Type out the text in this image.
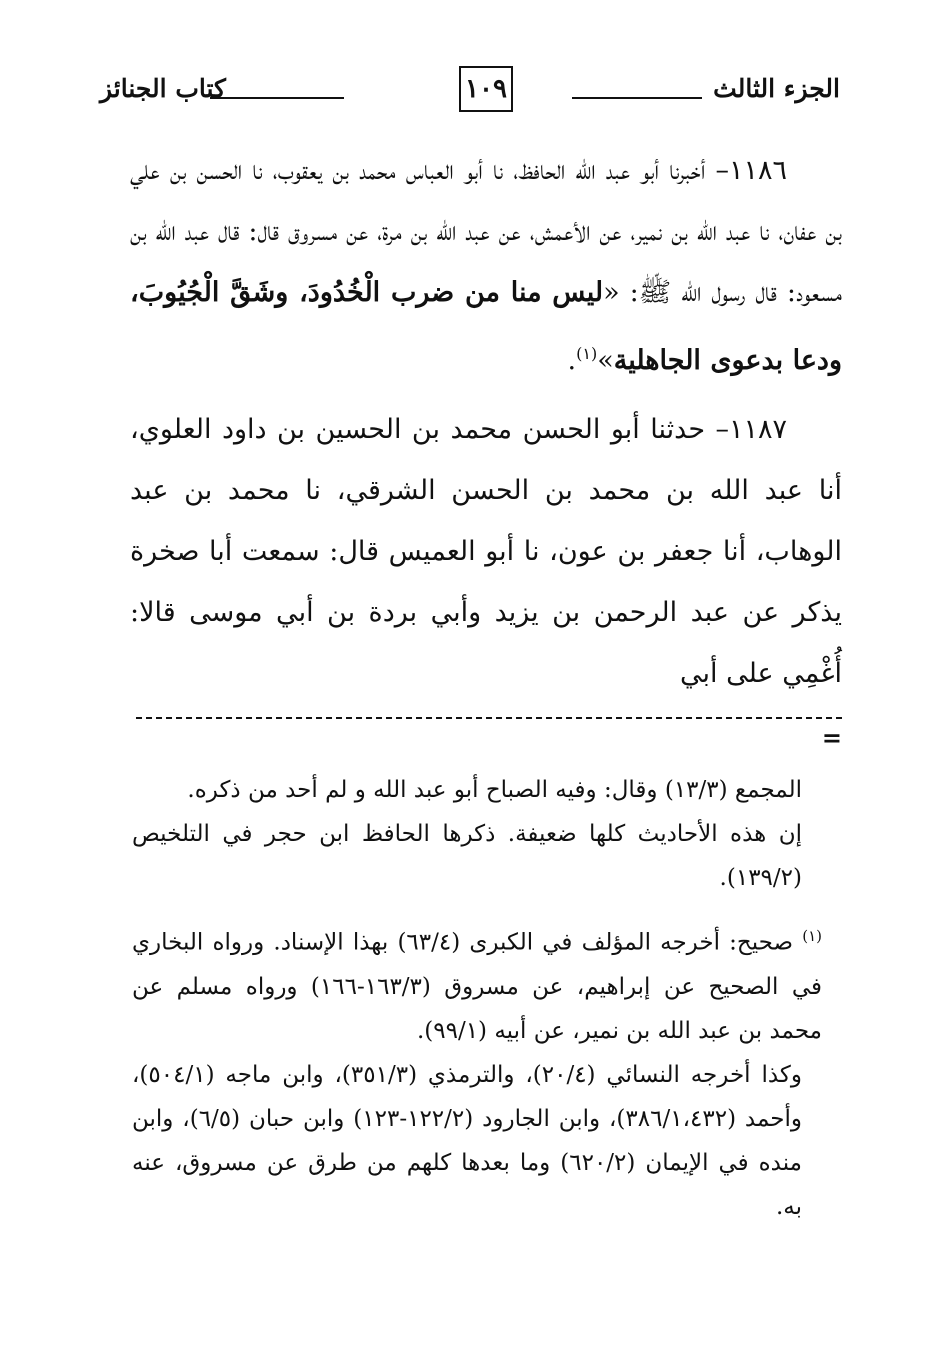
الجزء الثالث
١٠٩
كتاب الجنائز

١١٨٦– أخبرنا أبو عبد الله الحافظ، نا أبو العباس محمد بن يعقوب، نا الحسن بن علي بن عفان، نا عبد الله بن نمير، عن الأعمش، عن عبد الله بن مرة، عن مسروق قال: قال عبد الله بن مسعود: قال رسول الله ﷺ: «ليس منا من ضرب الْخُدُودَ، وشَقَّ الْجُيُوبَ، ودعا بدعوى الجاهلية»$^{(١)}$.

١١٨٧– حدثنا أبو الحسن محمد بن الحسين بن داود العلوي، أنا عبد الله بن محمد بن الحسن الشرقي، نا محمد بن عبد الوهاب، أنا جعفر بن عون، نا أبو العميس قال: سمعت أبا صخرة يذكر عن عبد الرحمن بن يزيد وأبي بردة بن أبي موسى قالا: أُغْمِي على أبي

=

المجمع (١٣/٣) وقال: وفيه الصباح أبو عبد الله و لم أحد من ذكره.

إن هذه الأحاديث كلها ضعيفة. ذكرها الحافظ ابن حجر في التلخيص (١٣٩/٢).

$^{(١)}$ صحيح: أخرجه المؤلف في الكبرى (٦٣/٤) بهذا الإسناد. ورواه البخاري في الصحيح عن إبراهيم، عن مسروق (١٦٣/٣-١٦٦) ورواه مسلم عن محمد بن عبد الله بن نمير، عن أبيه (٩٩/١).

وكذا أخرجه النسائي (٢٠/٤)، والترمذي (٣٥١/٣)، وابن ماجه (٥٠٤/١)، وأحمد (٣٨٦/١،٤٣٢)، وابن الجارود (١٢٢/٢-١٢٣) وابن حبان (٦/٥)، وابن منده في الإيمان (٦٢٠/٢) وما بعدها كلهم من طرق عن مسروق، عنه به.
